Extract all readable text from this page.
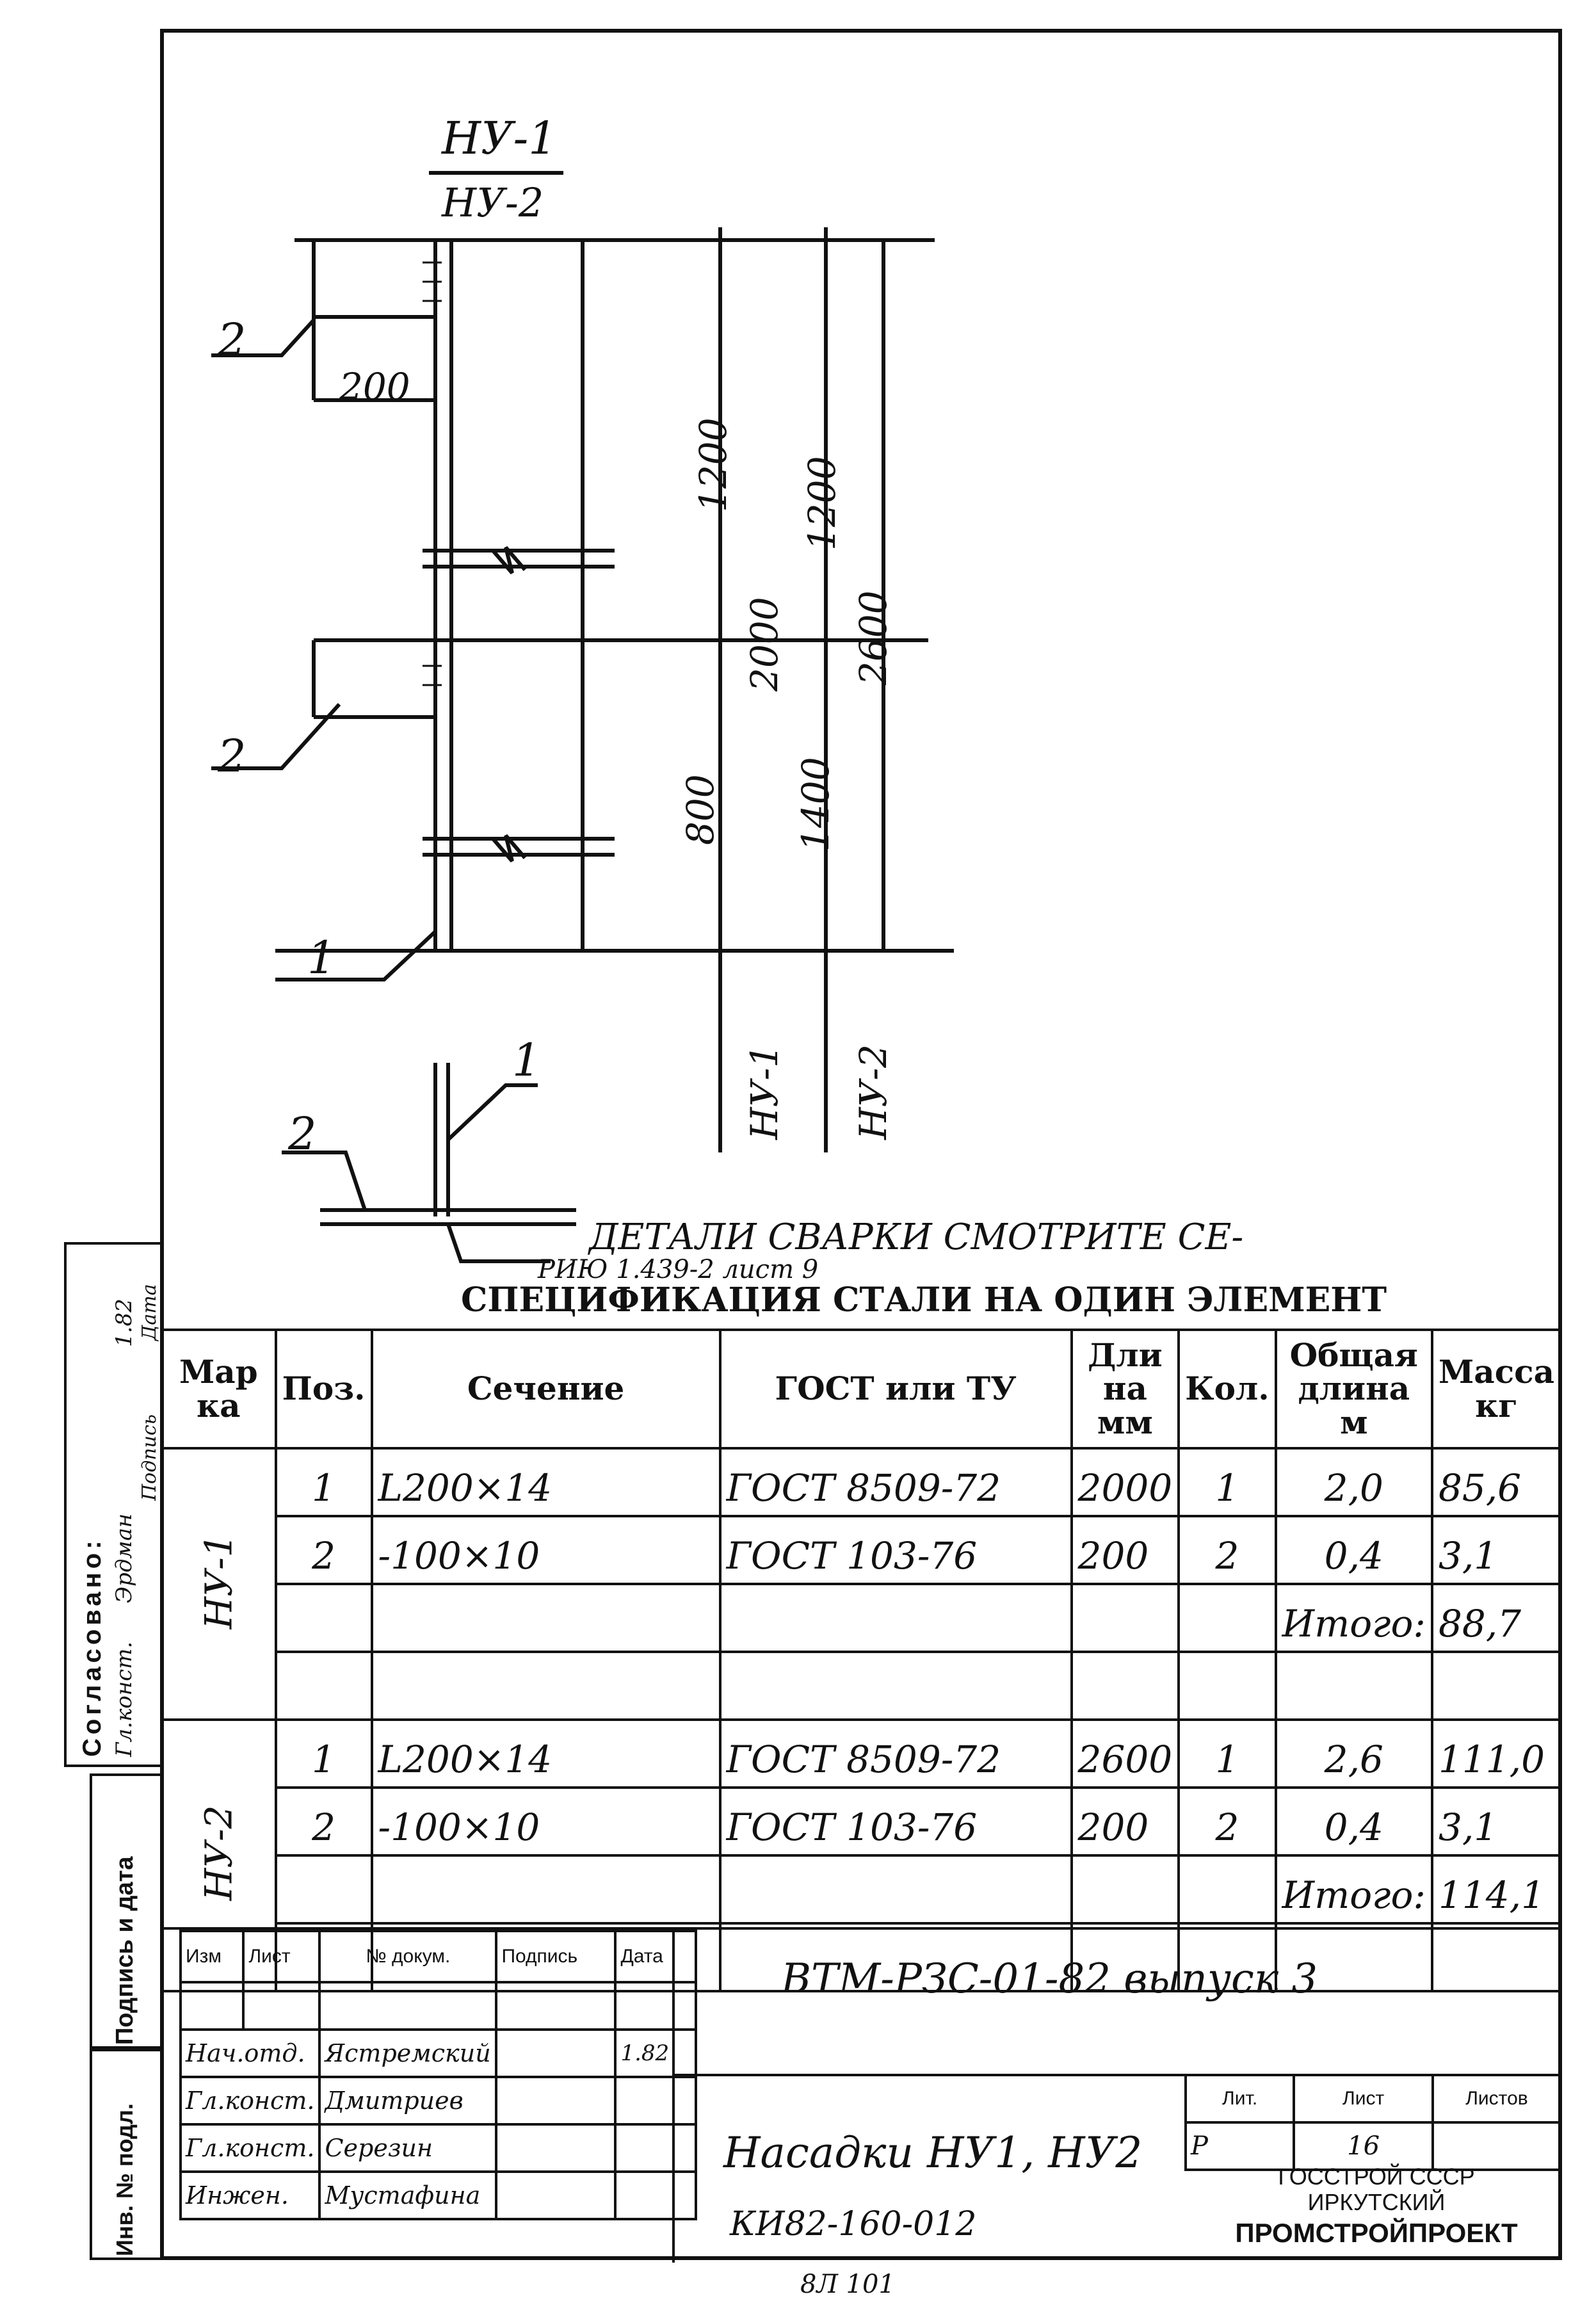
НУ-1
НУ-2
2
2
1
1
2
200
1200 1200
2000 2600
800 1400
НУ-1 НУ-2
ДЕТАЛИ СВАРКИ СМОТРИТЕ СЕ-
РИЮ 1.439-2 лист 9
СПЕЦИФИКАЦИЯ СТАЛИ НА ОДИН ЭЛЕМЕНТ
Мар ка	Поз.	Сечение	ГОСТ или ТУ	Дли на мм	Кол.	Общая длина м	Масса кг
НУ-1	1	L200×14	ГОСТ 8509-72	2000	1	2,0	85,6
	2	-100×10	ГОСТ 103-76	200	2	0,4	3,1
						Итого:	88,7

НУ-2	1	L200×14	ГОСТ 8509-72	2600	1	2,6	111,0
	2	-100×10	ГОСТ 103-76	200	2	0,4	3,1
						Итого:	114,1

Согласовано: Гл.конст.
Эрдман
1.82
Подпись
Дата
Подпись и дата
Инв. № подл.
Изм	Лист	№ докум.	Подпись	Дата

Нач.отд.		Ястремский		1.82
Гл.конст.		Дмитриев		
Гл.конст.		Серезин		
Инжен.		Мустафина		
ВТМ-РЗС-01-82 выпуск 3
Насадки НУ1, НУ2
КИ82-160-012
Лит.	Лист	Листов
Р	16	
ГОССТРОЙ СССР
ИРКУТСКИЙ
ПРОМСТРОЙПРОЕКТ
8Л 101
